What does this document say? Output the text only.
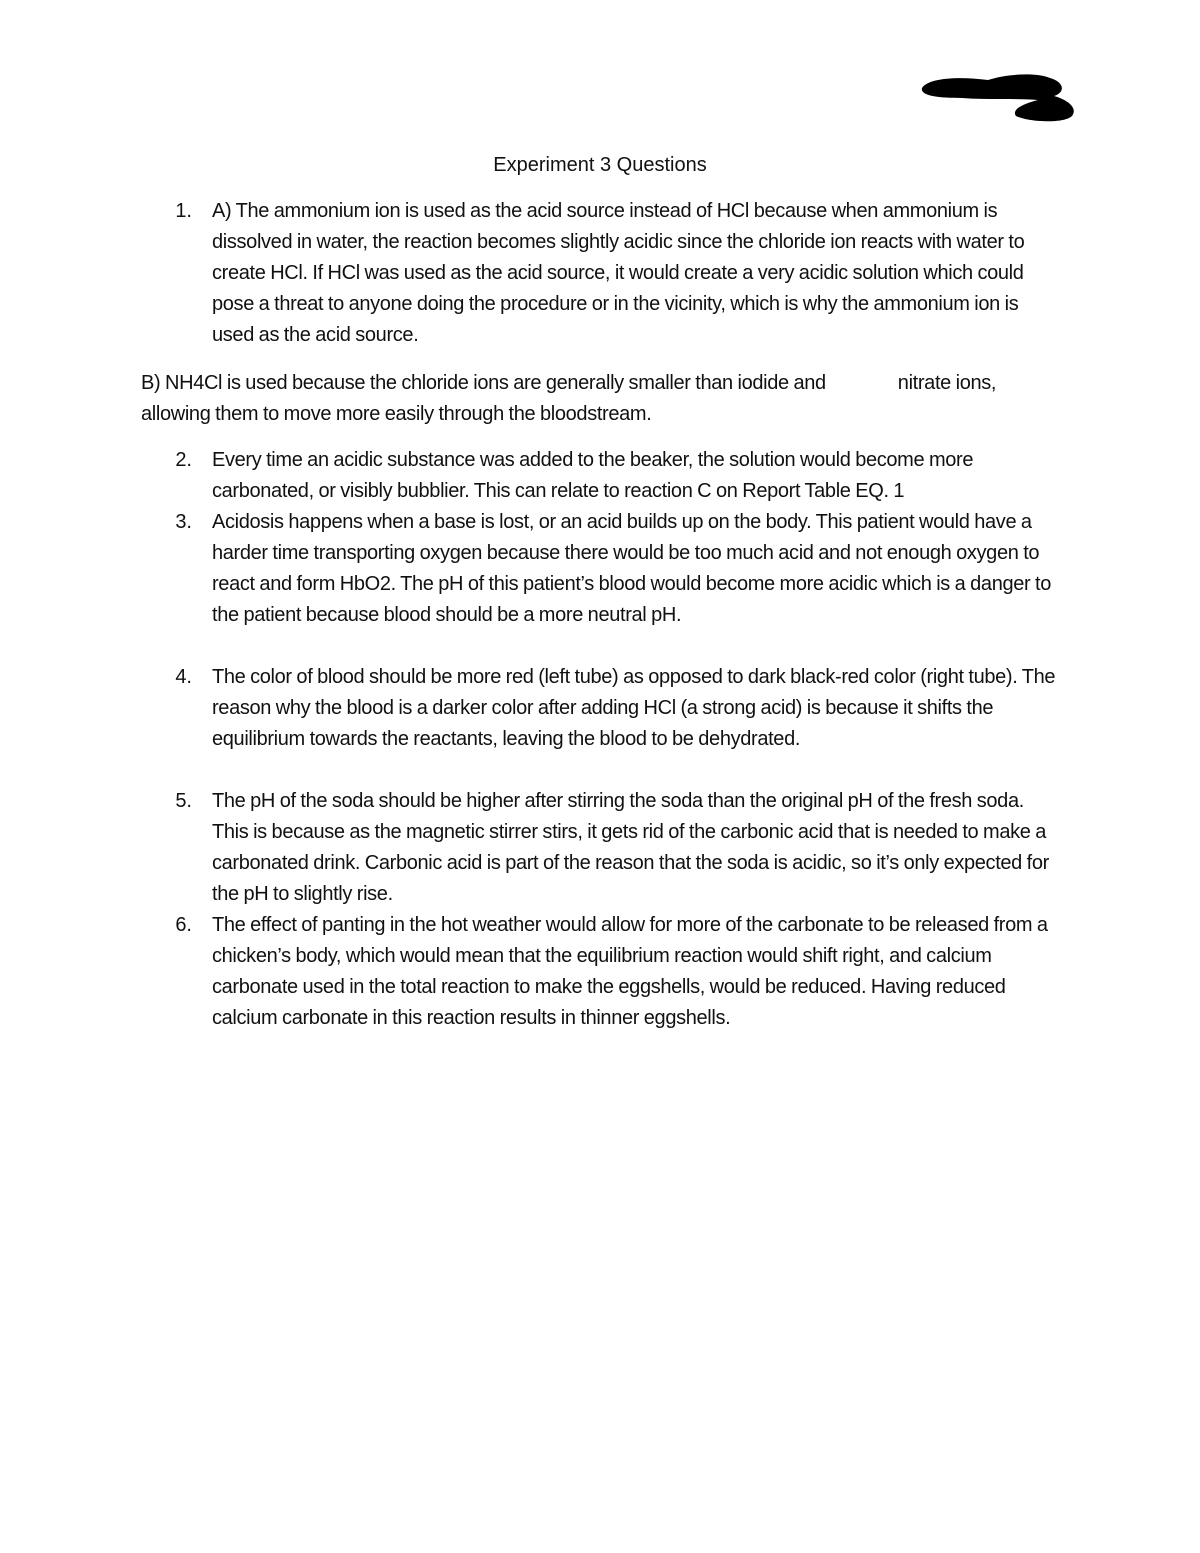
Experiment 3 Questions
1. A) The ammonium ion is used as the acid source instead of HCl because when ammonium is dissolved in water, the reaction becomes slightly acidic since the chloride ion reacts with water to create HCl. If HCl was used as the acid source, it would create a very acidic solution which could pose a threat to anyone doing the procedure or in the vicinity, which is why the ammonium ion is used as the acid source.
B) NH4Cl is used because the chloride ions are generally smaller than iodide and	nitrate ions, allowing them to move more easily through the bloodstream.
2. Every time an acidic substance was added to the beaker, the solution would become more carbonated, or visibly bubblier. This can relate to reaction C on Report Table EQ. 1
3. Acidosis happens when a base is lost, or an acid builds up on the body. This patient would have a harder time transporting oxygen because there would be too much acid and not enough oxygen to react and form HbO2. The pH of this patient’s blood would become more acidic which is a danger to the patient because blood should be a more neutral pH.
4. The color of blood should be more red (left tube) as opposed to dark black-red color (right tube). The reason why the blood is a darker color after adding HCl (a strong acid) is because it shifts the equilibrium towards the reactants, leaving the blood to be dehydrated.
5. The pH of the soda should be higher after stirring the soda than the original pH of the fresh soda. This is because as the magnetic stirrer stirs, it gets rid of the carbonic acid that is needed to make a carbonated drink. Carbonic acid is part of the reason that the soda is acidic, so it’s only expected for the pH to slightly rise.
6. The effect of panting in the hot weather would allow for more of the carbonate to be released from a chicken’s body, which would mean that the equilibrium reaction would shift right, and calcium carbonate used in the total reaction to make the eggshells, would be reduced. Having reduced calcium carbonate in this reaction results in thinner eggshells.
